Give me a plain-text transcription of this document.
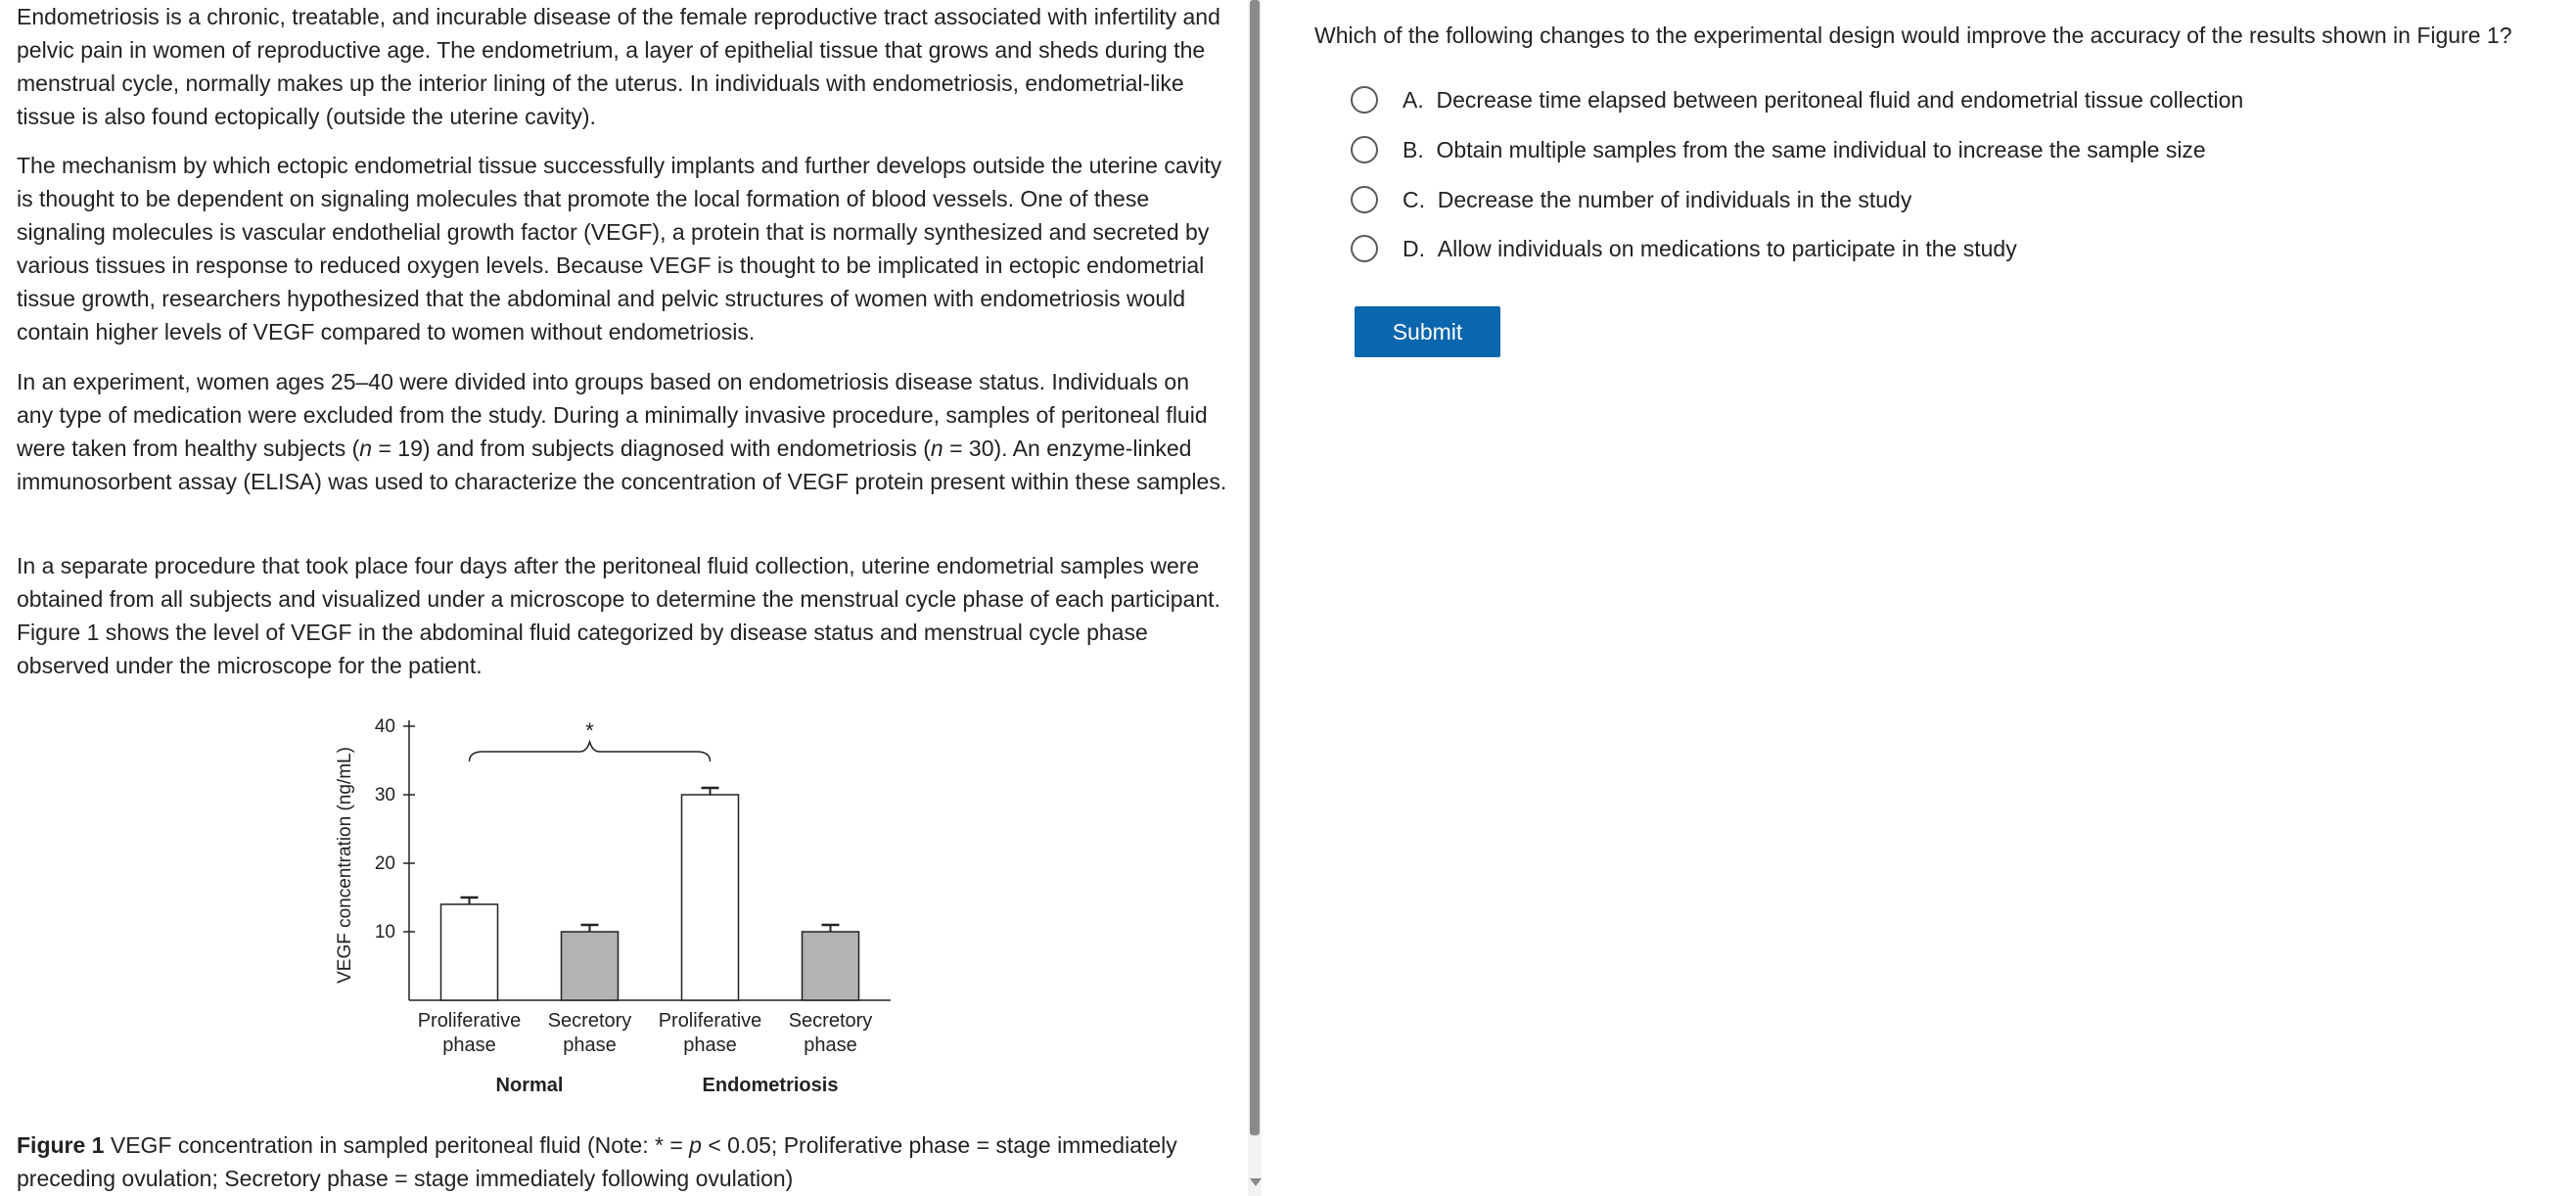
Endometriosis is a chronic, treatable, and incurable disease of the female reproductive tract associated with infertility and pelvic pain in women of reproductive age. The endometrium, a layer of epithelial tissue that grows and sheds during the menstrual cycle, normally makes up the interior lining of the uterus. In individuals with endometriosis, endometrial-like tissue is also found ectopically (outside the uterine cavity).

The mechanism by which ectopic endometrial tissue successfully implants and further develops outside the uterine cavity is thought to be dependent on signaling molecules that promote the local formation of blood vessels. One of these signaling molecules is vascular endothelial growth factor (VEGF), a protein that is normally synthesized and secreted by various tissues in response to reduced oxygen levels. Because VEGF is thought to be implicated in ectopic endometrial tissue growth, researchers hypothesized that the abdominal and pelvic structures of women with endometriosis would contain higher levels of VEGF compared to women without endometriosis.

In an experiment, women ages 25–40 were divided into groups based on endometriosis disease status. Individuals on any type of medication were excluded from the study. During a minimally invasive procedure, samples of peritoneal fluid were taken from healthy subjects (n = 19) and from subjects diagnosed with endometriosis (n = 30). An enzyme-linked immunosorbent assay (ELISA) was used to characterize the concentration of VEGF protein present within these samples.

In a separate procedure that took place four days after the peritoneal fluid collection, uterine endometrial samples were obtained from all subjects and visualized under a microscope to determine the menstrual cycle phase of each participant. Figure 1 shows the level of VEGF in the abdominal fluid categorized by disease status and menstrual cycle phase observed under the microscope for the patient.

VEGF concentration (ng/mL) 10
20
30
40
Proliferative
phase
Secretory
phase
Proliferative
phase
Secretory
phase
Normal	Endometriosis
*

Figure 1 VEGF concentration in sampled peritoneal fluid (Note: * = p < 0.05; Proliferative phase = stage immediately preceding ovulation; Secretory phase = stage immediately following ovulation)

Which of the following changes to the experimental design would improve the accuracy of the results shown in Figure 1?

A. Decrease time elapsed between peritoneal fluid and endometrial tissue collection
B. Obtain multiple samples from the same individual to increase the sample size
C. Decrease the number of individuals in the study
D. Allow individuals on medications to participate in the study
Submit
